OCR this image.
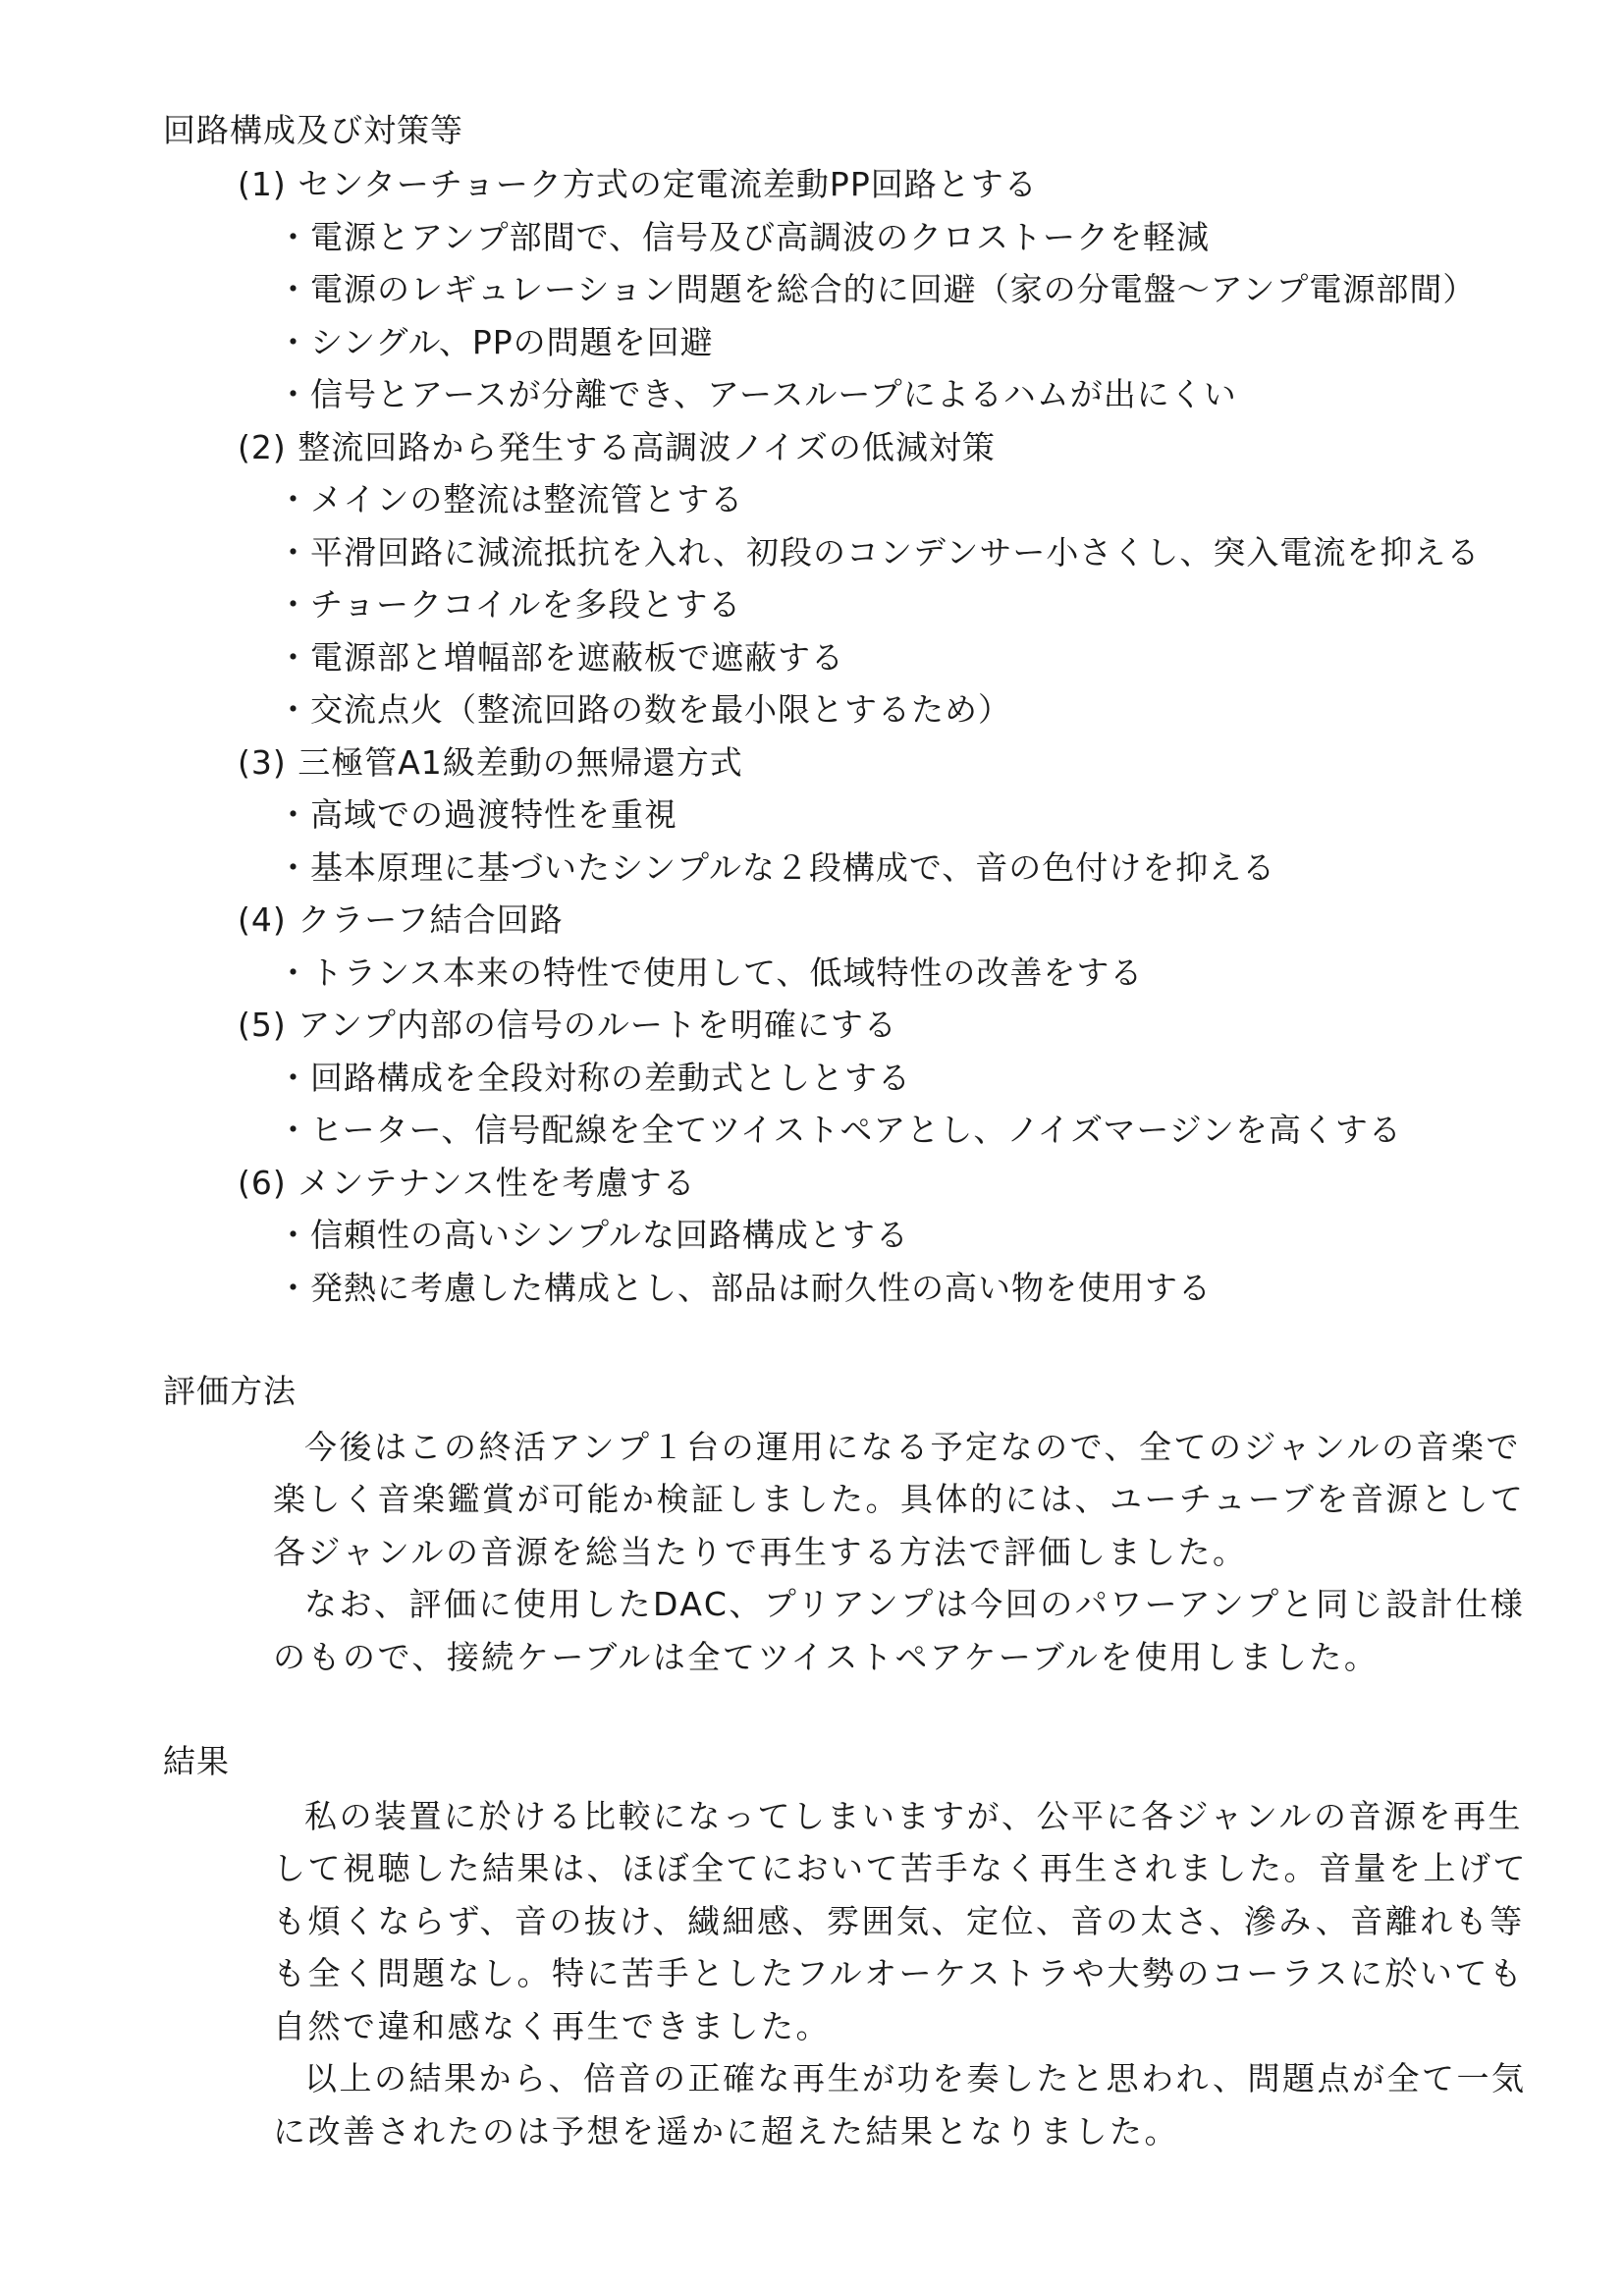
回路構成及び対策等
(1) センターチョーク方式の定電流差動PP回路とする
・電源とアンプ部間で、信号及び高調波のクロストークを軽減
・電源のレギュレーション問題を総合的に回避（家の分電盤～アンプ電源部間）
・シングル、PPの問題を回避
・信号とアースが分離でき、アースループによるハムが出にくい
(2) 整流回路から発生する高調波ノイズの低減対策
・メインの整流は整流管とする
・平滑回路に減流抵抗を入れ、初段のコンデンサー小さくし、突入電流を抑える
・チョークコイルを多段とする
・電源部と増幅部を遮蔽板で遮蔽する
・交流点火（整流回路の数を最小限とするため）
(3) 三極管A1級差動の無帰還方式
・高域での過渡特性を重視
・基本原理に基づいたシンプルな２段構成で、音の色付けを抑える
(4) クラーフ結合回路
・トランス本来の特性で使用して、低域特性の改善をする
(5) アンプ内部の信号のルートを明確にする
・回路構成を全段対称の差動式としとする
・ヒーター、信号配線を全てツイストペアとし、ノイズマージンを高くする
(6) メンテナンス性を考慮する
・信頼性の高いシンプルな回路構成とする
・発熱に考慮した構成とし、部品は耐久性の高い物を使用する
評価方法
今後はこの終活アンプ１台の運用になる予定なので、全てのジャンルの音楽で
楽しく音楽鑑賞が可能か検証しました。具体的には、ユーチューブを音源として
各ジャンルの音源を総当たりで再生する方法で評価しました。
なお、評価に使用したDAC、プリアンプは今回のパワーアンプと同じ設計仕様
のもので、接続ケーブルは全てツイストペアケーブルを使用しました。
結果
私の装置に於ける比較になってしまいますが、公平に各ジャンルの音源を再生
して視聴した結果は、ほぼ全てにおいて苦手なく再生されました。音量を上げて
も煩くならず、音の抜け、繊細感、雰囲気、定位、音の太さ、滲み、音離れも等
も全く問題なし。特に苦手としたフルオーケストラや大勢のコーラスに於いても
自然で違和感なく再生できました。
以上の結果から、倍音の正確な再生が功を奏したと思われ、問題点が全て一気
に改善されたのは予想を遥かに超えた結果となりました。
